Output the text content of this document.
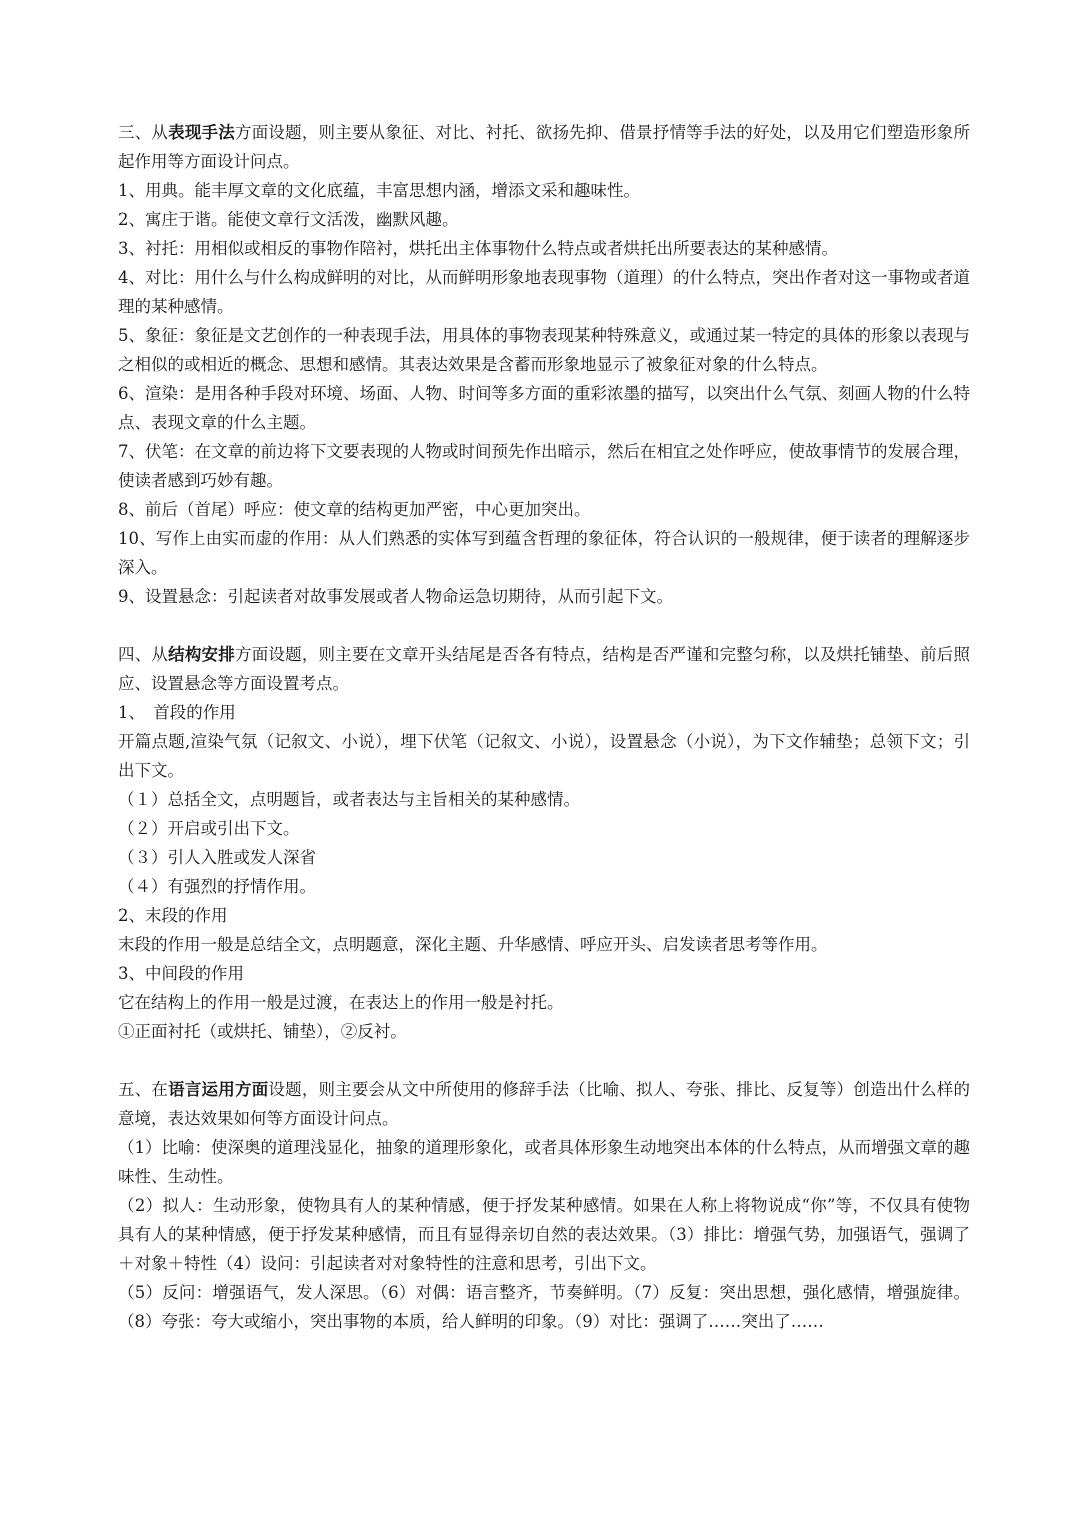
三、从表现手法方面设题，则主要从象征、对比、衬托、欲扬先抑、借景抒情等手法的好处，以及用它们塑造形象所起作用等方面设计问点。

1、用典。能丰厚文章的文化底蕴，丰富思想内涵，增添文采和趣味性。

2、寓庄于谐。能使文章行文活泼，幽默风趣。

3、衬托：用相似或相反的事物作陪衬，烘托出主体事物什么特点或者烘托出所要表达的某种感情。

4、对比：用什么与什么构成鲜明的对比，从而鲜明形象地表现事物（道理）的什么特点，突出作者对这一事物或者道理的某种感情。

5、象征：象征是文艺创作的一种表现手法，用具体的事物表现某种特殊意义，或通过某一特定的具体的形象以表现与之相似的或相近的概念、思想和感情。其表达效果是含蓄而形象地显示了被象征对象的什么特点。

6、渲染：是用各种手段对环境、场面、人物、时间等多方面的重彩浓墨的描写，以突出什么气氛、刻画人物的什么特点、表现文章的什么主题。

7、伏笔：在文章的前边将下文要表现的人物或时间预先作出暗示，然后在相宜之处作呼应，使故事情节的发展合理，使读者感到巧妙有趣。

8、前后（首尾）呼应：使文章的结构更加严密，中心更加突出。

10、写作上由实而虚的作用：从人们熟悉的实体写到蕴含哲理的象征体，符合认识的一般规律，便于读者的理解逐步深入。

9、设置悬念：引起读者对故事发展或者人物命运急切期待，从而引起下文。

四、从结构安排方面设题，则主要在文章开头结尾是否各有特点，结构是否严谨和完整匀称，以及烘托铺垫、前后照应、设置悬念等方面设置考点。

1、　首段的作用

开篇点题,渲染气氛（记叙文、小说），埋下伏笔（记叙文、小说），设置悬念（小说），为下文作辅垫；总领下文；引出下文。

（１）总括全文，点明题旨，或者表达与主旨相关的某种感情。

（２）开启或引出下文。

（３）引人入胜或发人深省

（４）有强烈的抒情作用。

2、末段的作用

末段的作用一般是总结全文，点明题意，深化主题、升华感情、呼应开头、启发读者思考等作用。

3、中间段的作用

它在结构上的作用一般是过渡，在表达上的作用一般是衬托。

①正面衬托（或烘托、铺垫），②反衬。

五、在语言运用方面设题，则主要会从文中所使用的修辞手法（比喻、拟人、夸张、排比、反复等）创造出什么样的意境，表达效果如何等方面设计问点。

（1）比喻：使深奥的道理浅显化，抽象的道理形象化，或者具体形象生动地突出本体的什么特点，从而增强文章的趣味性、生动性。

（2）拟人：生动形象，使物具有人的某种情感，便于抒发某种感情。如果在人称上将物说成“你”等，不仅具有使物具有人的某种情感，便于抒发某种感情，而且有显得亲切自然的表达效果。（3）排比：增强气势，加强语气，强调了＋对象＋特性（4）设问：引起读者对对象特性的注意和思考，引出下文。

（5）反问：增强语气，发人深思。（6）对偶：语言整齐，节奏鲜明。（7）反复：突出思想，强化感情，增强旋律。（8）夸张：夸大或缩小，突出事物的本质，给人鲜明的印象。（9）对比：强调了……突出了……
